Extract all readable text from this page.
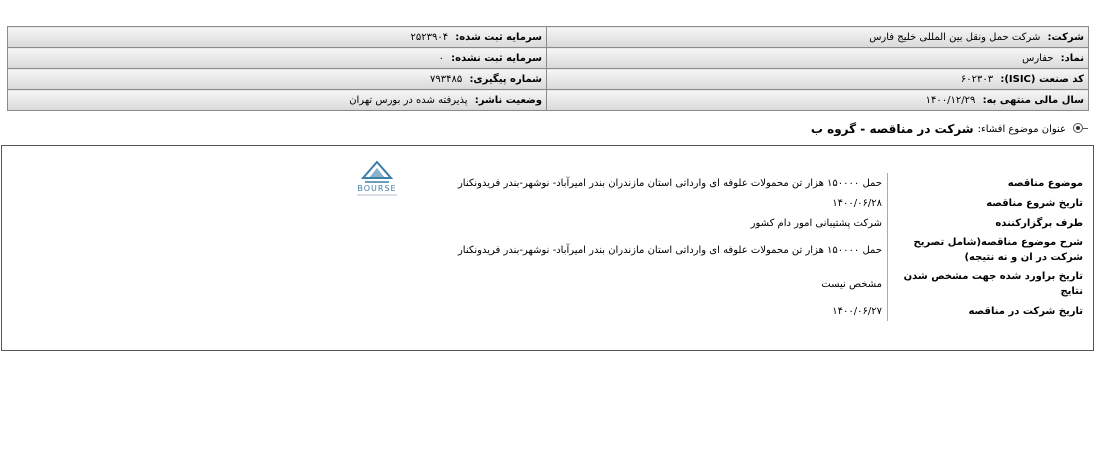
شرکت: شرکت حمل ونقل بین المللی خلیج فارس	سرمایه ثبت شده: ۲۵۲۳۹۰۴
نماد: حفارس	سرمایه ثبت نشده: ۰
کد صنعت (ISIC): ۶۰۲۳۰۳	شماره پیگیری: ۷۹۳۴۸۵
سال مالی منتهی به: ۱۴۰۰/۱۲/۲۹	وضعیت ناشر: پذیرفته شده در بورس تهران
عنوان موضوع افشاء:
شرکت در مناقصه - گروه ب
BOURSE	موضوع مناقصه	حمل ۱۵۰۰۰۰ هزار تن محمولات علوفه ای وارداتی استان مازندران بندر امیرآباد- نوشهر-بندر فریدونکنار
تاریخ شروع مناقصه	۱۴۰۰/۰۶/۲۸
طرف برگزارکننده	شرکت پشتیبانی امور دام کشور
شرح موضوع مناقصه(شامل تصریح شرکت در ان و نه نتیجه)	حمل ۱۵۰۰۰۰ هزار تن محمولات علوفه ای وارداتی استان مازندران بندر امیرآباد- نوشهر-بندر فریدونکنار
تاریخ براورد شده جهت مشخص شدن نتایج	مشخص نیست
تاریخ شرکت در مناقصه	۱۴۰۰/۰۶/۲۷
